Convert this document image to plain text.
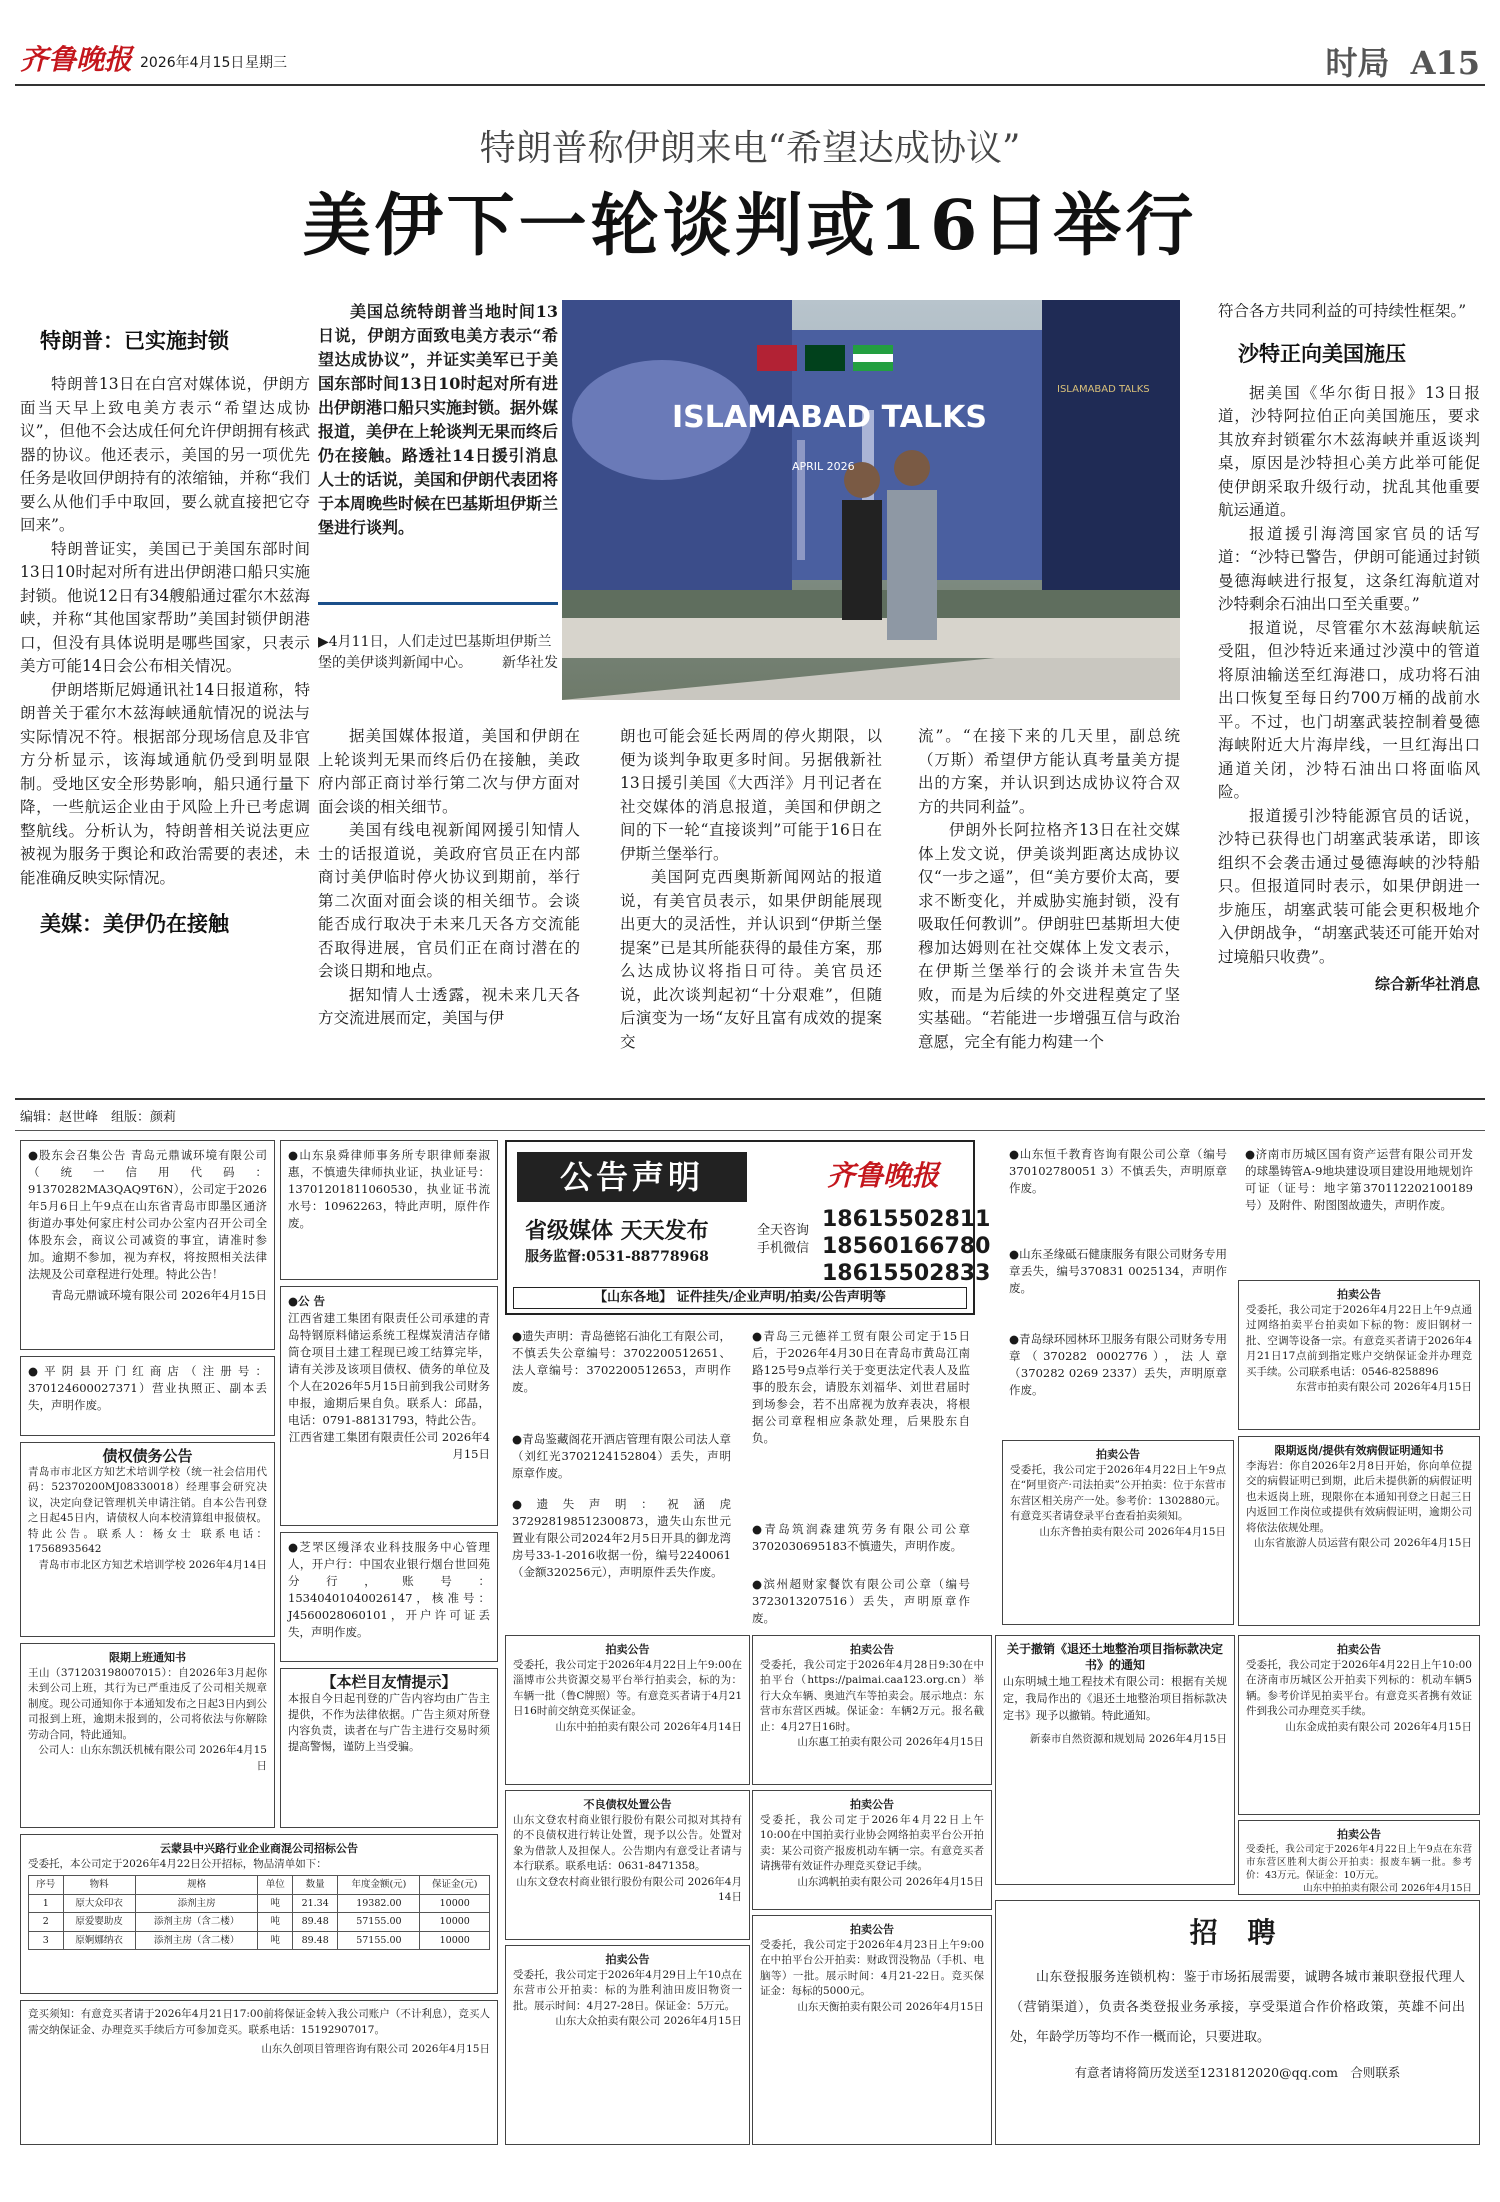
齐鲁晚报 2026年4月15日 星期三	时局 A15
特朗普称伊朗来电“希望达成协议”
美伊下一轮谈判或16日举行
特朗普：已实施封锁

特朗普13日在白宫对媒体说，伊朗方面当天早上致电美方表示“希望达成协议”，但他不会达成任何允许伊朗拥有核武器的协议。他还表示，美国的另一项优先任务是收回伊朗持有的浓缩铀，并称“我们要么从他们手中取回，要么就直接把它夺回来”。

特朗普证实，美国已于美国东部时间13日10时起对所有进出伊朗港口船只实施封锁。他说12日有34艘船通过霍尔木兹海峡，并称“其他国家帮助”美国封锁伊朗港口，但没有具体说明是哪些国家，只表示美方可能14日会公布相关情况。

伊朗塔斯尼姆通讯社14日报道称，特朗普关于霍尔木兹海峡通航情况的说法与实际情况不符。根据部分现场信息及非官方分析显示，该海域通航仍受到明显限制。受地区安全形势影响，船只通行量下降，一些航运企业由于风险上升已考虑调整航线。分析认为，特朗普相关说法更应被视为服务于舆论和政治需要的表述，未能准确反映实际情况。

美媒：美伊仍在接触
美国总统特朗普当地时间13日说，伊朗方面致电美方表示“希望达成协议”，并证实美军已于美国东部时间13日10时起对所有进出伊朗港口船只实施封锁。据外媒报道，美伊在上轮谈判无果而终后仍在接触。路透社14日援引消息人士的话说，美国和伊朗代表团将于本周晚些时候在巴基斯坦伊斯兰堡进行谈判。
ISLAMABAD TALKS
APRIL 2026
ISLAMABAD TALKS
▶4月11日，人们走过巴基斯坦伊斯兰堡的美伊谈判新闻中心。 新华社发

据美国媒体报道，美国和伊朗在上轮谈判无果而终后仍在接触，美政府内部正商讨举行第二次与伊方面对面会谈的相关细节。

美国有线电视新闻网援引知情人士的话报道说，美政府官员正在内部商讨美伊临时停火协议到期前，举行第二次面对面会谈的相关细节。会谈能否成行取决于未来几天各方交流能否取得进展，官员们正在商讨潜在的会谈日期和地点。

据知情人士透露，视未来几天各方交流进展而定，美国与伊

朗也可能会延长两周的停火期限，以便为谈判争取更多时间。另据俄新社13日援引美国《大西洋》月刊记者在社交媒体的消息报道，美国和伊朗之间的下一轮“直接谈判”可能于16日在伊斯兰堡举行。

美国阿克西奥斯新闻网站的报道说，有美官员表示，如果伊朗能展现出更大的灵活性，并认识到“伊斯兰堡提案”已是其所能获得的最佳方案，那么达成协议将指日可待。美官员还说，此次谈判起初“十分艰难”，但随后演变为一场“友好且富有成效的提案交

流”。“在接下来的几天里，副总统（万斯）希望伊方能认真考量美方提出的方案，并认识到达成协议符合双方的共同利益”。

伊朗外长阿拉格齐13日在社交媒体上发文说，伊美谈判距离达成协议仅“一步之遥”，但“美方要价太高，要求不断变化，并威胁实施封锁，没有吸取任何教训”。伊朗驻巴基斯坦大使穆加达姆则在社交媒体上发文表示，在伊斯兰堡举行的会谈并未宣告失败，而是为后续的外交进程奠定了坚实基础。“若能进一步增强互信与政治意愿，完全有能力构建一个

符合各方共同利益的可持续性框架。”

沙特正向美国施压

据美国《华尔街日报》13日报道，沙特阿拉伯正向美国施压，要求其放弃封锁霍尔木兹海峡并重返谈判桌，原因是沙特担心美方此举可能促使伊朗采取升级行动，扰乱其他重要航运通道。

报道援引海湾国家官员的话写道：“沙特已警告，伊朗可能通过封锁曼德海峡进行报复，这条红海航道对沙特剩余石油出口至关重要。”

报道说，尽管霍尔木兹海峡航运受阻，但沙特近来通过沙漠中的管道将原油输送至红海港口，成功将石油出口恢复至每日约700万桶的战前水平。不过，也门胡塞武装控制着曼德海峡附近大片海岸线，一旦红海出口通道关闭，沙特石油出口将面临风险。

报道援引沙特能源官员的话说，沙特已获得也门胡塞武装承诺，即该组织不会袭击通过曼德海峡的沙特船只。但报道同时表示，如果伊朗进一步施压，胡塞武装可能会更积极地介入伊朗战争，“胡塞武装还可能开始对过境船只收费”。

综合新华社消息
编辑：赵世峰　组版：颜莉
●股东会召集公告 青岛元鼎诚环境有限公司（统一信用代码：91370282MA3QAQ9T6N），公司定于2026年5月6日上午9点在山东省青岛市即墨区通济街道办事处何家庄村公司办公室内召开公司全体股东会，商议公司减资的事宜，请准时参加。逾期不参加，视为弃权，将按照相关法律法规及公司章程进行处理。特此公告！
青岛元鼎诚环境有限公司 2026年4月15日
●平阴县开门红商店（注册号：370124600027371）营业执照正、副本丢失，声明作废。
债权债务公告
青岛市市北区方知艺术培训学校（统一社会信用代码：52370200MJ08330018）经理事会研究决议，决定向登记管理机关申请注销。自本公告刊登之日起45日内，请债权人向本校清算组申报债权。特此公告。联系人：杨女士 联系电话：17568935642
青岛市市北区方知艺术培训学校 2026年4月14日
限期上班通知书
王山（371203198007015）：自2026年3月起你未到公司上班，其行为已严重违反了公司相关规章制度。现公司通知你于本通知发布之日起3日内到公司报到上班，逾期未报到的，公司将依法与你解除劳动合同，特此通知。
公司人：山东东凯沃机械有限公司 2026年4月15日
●山东泉舜律师事务所专职律师秦淑惠，不慎遗失律师执业证，执业证号：13701201811060530，执业证书流水号：10962263，特此声明，原件作废。
●公 告
江西省建工集团有限责任公司承建的青岛特钢原料储运系统工程煤炭清洁存储筒仓项目土建工程现已竣工结算完毕，请有关涉及该项目债权、债务的单位及个人在2026年5月15日前到我公司财务申报，逾期后果自负。联系人：邱晶，电话：0791-88131793，特此公告。
江西省建工集团有限责任公司 2026年4月15日
●芝罘区缦泽农业科技服务中心管理人，开户行：中国农业银行烟台世回苑分行，账号：15340401040026147，核准号：J4560028060101，开户许可证丢失，声明作废。
【本栏目友情提示】
本报自今日起刊登的广告内容均由广告主提供，不作为法律依据。广告主须对所登内容负责，读者在与广告主进行交易时须提高警惕，谨防上当受骗。
公告声明	齐鲁晚报
省级媒体 天天发布
服务监督:0531-88778968
全天咨询 手机微信
18615502811
18560166780
18615502833
【山东各地】 证件挂失/企业声明/拍卖/公告声明等
●遗失声明：青岛德铭石油化工有限公司，不慎丢失公章编号：3702200512651、法人章编号：3702200512653，声明作废。
●青岛鉴藏阁花开酒店管理有限公司法人章（刘红光3702124152804）丢失，声明原章作废。
●遗失声明：祝涵虎372928198512300873，遗失山东世元置业有限公司2024年2月5日开具的御龙湾房号33-1-2016收据一份，编号2240061（金额320256元），声明原件丢失作废。
●青岛三元德祥工贸有限公司定于15日后，于2026年4月30日在青岛市黄岛江南路125号9点举行关于变更法定代表人及监事的股东会，请股东刘福华、刘世君届时到场参会，若不出席视为放弃表决，将根据公司章程相应条款处理，后果股东自负。
●青岛筑润森建筑劳务有限公司公章3702030695183不慎遗失，声明作废。
●滨州超财家餐饮有限公司公章（编号3723013207516）丢失，声明原章作废。
拍卖公告
受委托，我公司定于2026年4月22日上午9:00在淄博市公共资源交易平台举行拍卖会，标的为：车辆一批（鲁C牌照）等。有意竞买者请于4月21日16时前交纳竞买保证金。
山东中拍拍卖有限公司 2026年4月14日
拍卖公告
受委托，我公司定于2026年4月28日9:30在中拍平台（https://paimai.caa123.org.cn）举行大众车辆、奥迪汽车等拍卖会。展示地点：东营市东营区西城。保证金：车辆2万元。报名截止：4月27日16时。
山东惠工拍卖有限公司 2026年4月15日
不良债权处置公告
山东文登农村商业银行股份有限公司拟对其持有的不良债权进行转让处置，现予以公告。处置对象为借款人及担保人。公告期内有意受让者请与本行联系。联系电话：0631-8471358。
山东文登农村商业银行股份有限公司 2026年4月14日
拍卖公告
受委托，我公司定于2026年4月22日上午10:00在中国拍卖行业协会网络拍卖平台公开拍卖：某公司资产报废机动车辆一宗。有意竞买者请携带有效证件办理竞买登记手续。
山东鸿帆拍卖有限公司 2026年4月15日
拍卖公告
受委托，我公司定于2026年4月29日上午10点在东营市公开拍卖：标的为胜利油田废旧物资一批。展示时间：4月27-28日。保证金：5万元。
山东大众拍卖有限公司 2026年4月15日
拍卖公告
受委托，我公司定于2026年4月23日上午9:00在中拍平台公开拍卖：财政罚没物品（手机、电脑等）一批。展示时间：4月21-22日。竞买保证金：每标的5000元。
山东天衡拍卖有限公司 2026年4月15日
云蒙县中兴路行业企业商混公司招标公告
受委托，本公司定于2026年4月22日公开招标，物品清单如下：
序号	物料	规格	单位	数量	年度金额(元)	保证金(元)
1	原大众印衣	添剂主房	吨	21.34	19382.00	10000
2	原爱婴助皮	添剂主房（含二楼）	吨	89.48	57155.00	10000
3	原婀娜纳衣	添剂主房（含二楼）	吨	89.48	57155.00	10000
竞买须知：有意竞买者请于2026年4月21日17:00前将保证金转入我公司账户（不计利息），竞买人需交纳保证金、办理竞买手续后方可参加竞买。联系电话：15192907017。
山东久创项目管理咨询有限公司 2026年4月15日
●山东恒千教育咨询有限公司公章（编号370102780051 3）不慎丢失，声明原章作废。
●山东圣缘砥石健康服务有限公司财务专用章丢失，编号370831 0025134，声明作废。
●青岛绿环园林环卫服务有限公司财务专用章（370282 0002776），法人章（370282 0269 2337）丢失，声明原章作废。
拍卖公告
受委托，我公司定于2026年4月22日上午9点在“阿里资产·司法拍卖”公开拍卖：位于东营市东营区相关房产一处。参考价：1302880元。有意竞买者请登录平台查看拍卖须知。
山东齐鲁拍卖有限公司 2026年4月15日
关于撤销《退还土地整治项目指标款决定书》的通知
山东明城土地工程技术有限公司：根据有关规定，我局作出的《退还土地整治项目指标款决定书》现予以撤销。特此通知。
新泰市自然资源和规划局 2026年4月15日
●济南市历城区国有资产运营有限公司开发的球墨铸管A-9地块建设项目建设用地规划许可证（证号：地字第370112202100189号）及附件、附图图故遗失，声明作废。
拍卖公告
受委托，我公司定于2026年4月22日上午9点通过网络拍卖平台拍卖如下标的物：废旧钢材一批、空调等设备一宗。有意竞买者请于2026年4月21日17点前到指定账户交纳保证金并办理竞买手续。公司联系电话：0546-8258896
东营市拍卖有限公司 2026年4月15日
限期返岗/提供有效病假证明通知书
李海岩：你自2026年2月8日开始，你向单位提交的病假证明已到期，此后未提供新的病假证明也未返岗上班，现限你在本通知刊登之日起三日内返回工作岗位或提供有效病假证明，逾期公司将依法依规处理。
山东省旅游人员运营有限公司 2026年4月15日
拍卖公告
受委托，我公司定于2026年4月22日上午10:00在济南市历城区公开拍卖下列标的：机动车辆5辆。参考价详见拍卖平台。有意竞买者携有效证件到我公司办理竞买手续。
山东金成拍卖有限公司 2026年4月15日
拍卖公告
受委托，我公司定于2026年4月22日上午9点在东营市东营区胜利大街公开拍卖：报废车辆一批。参考价：43万元。保证金：10万元。
山东中拍拍卖有限公司 2026年4月15日
招 聘
山东登报服务连锁机构：鉴于市场拓展需要，诚聘各城市兼职登报代理人（营销渠道），负责各类登报业务承接，享受渠道合作价格政策，英雄不问出处，年龄学历等均不作一概而论，只要进取。
有意者请将简历发送至1231812020@qq.com　合则联系
